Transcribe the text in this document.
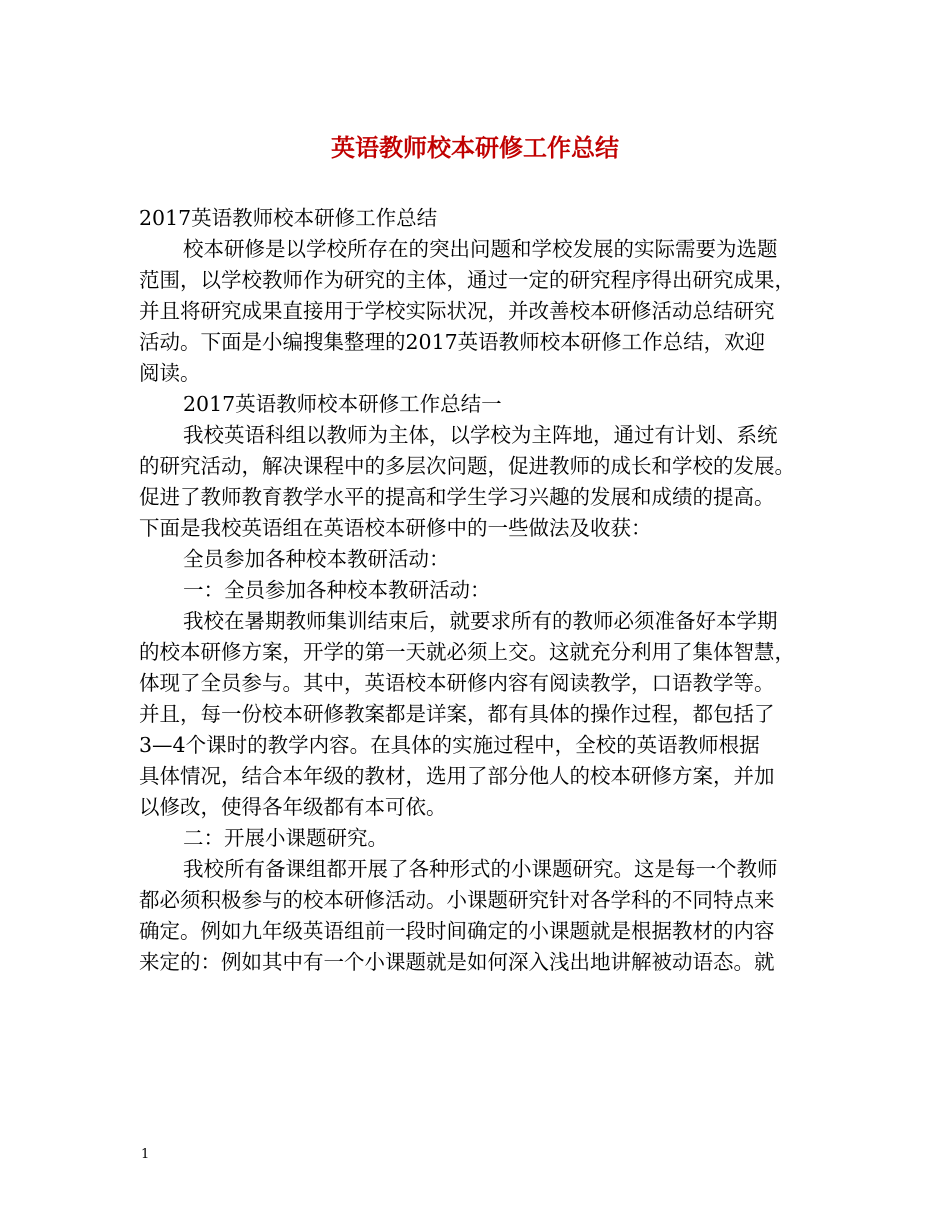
英语教师校本研修工作总结

2017英语教师校本研修工作总结

校本研修是以学校所存在的突出问题和学校发展的实际需要为选题

范围，以学校教师作为研究的主体，通过一定的研究程序得出研究成果，

并且将研究成果直接用于学校实际状况，并改善校本研修活动总结研究

活动。下面是小编搜集整理的2017英语教师校本研修工作总结，欢迎

阅读。

2017英语教师校本研修工作总结一

我校英语科组以教师为主体，以学校为主阵地，通过有计划、系统

的研究活动，解决课程中的多层次问题，促进教师的成长和学校的发展。

促进了教师教育教学水平的提高和学生学习兴趣的发展和成绩的提高。

下面是我校英语组在英语校本研修中的一些做法及收获：

全员参加各种校本教研活动：

一：全员参加各种校本教研活动：

我校在暑期教师集训结束后，就要求所有的教师必须准备好本学期

的校本研修方案，开学的第一天就必须上交。这就充分利用了集体智慧，

体现了全员参与。其中，英语校本研修内容有阅读教学，口语教学等。

并且，每一份校本研修教案都是详案，都有具体的操作过程，都包括了

3—4个课时的教学内容。在具体的实施过程中，全校的英语教师根据

具体情况，结合本年级的教材，选用了部分他人的校本研修方案，并加

以修改，使得各年级都有本可依。

二：开展小课题研究。

我校所有备课组都开展了各种形式的小课题研究。这是每一个教师

都必须积极参与的校本研修活动。小课题研究针对各学科的不同特点来

确定。例如九年级英语组前一段时间确定的小课题就是根据教材的内容

来定的：例如其中有一个小课题就是如何深入浅出地讲解被动语态。就

1
